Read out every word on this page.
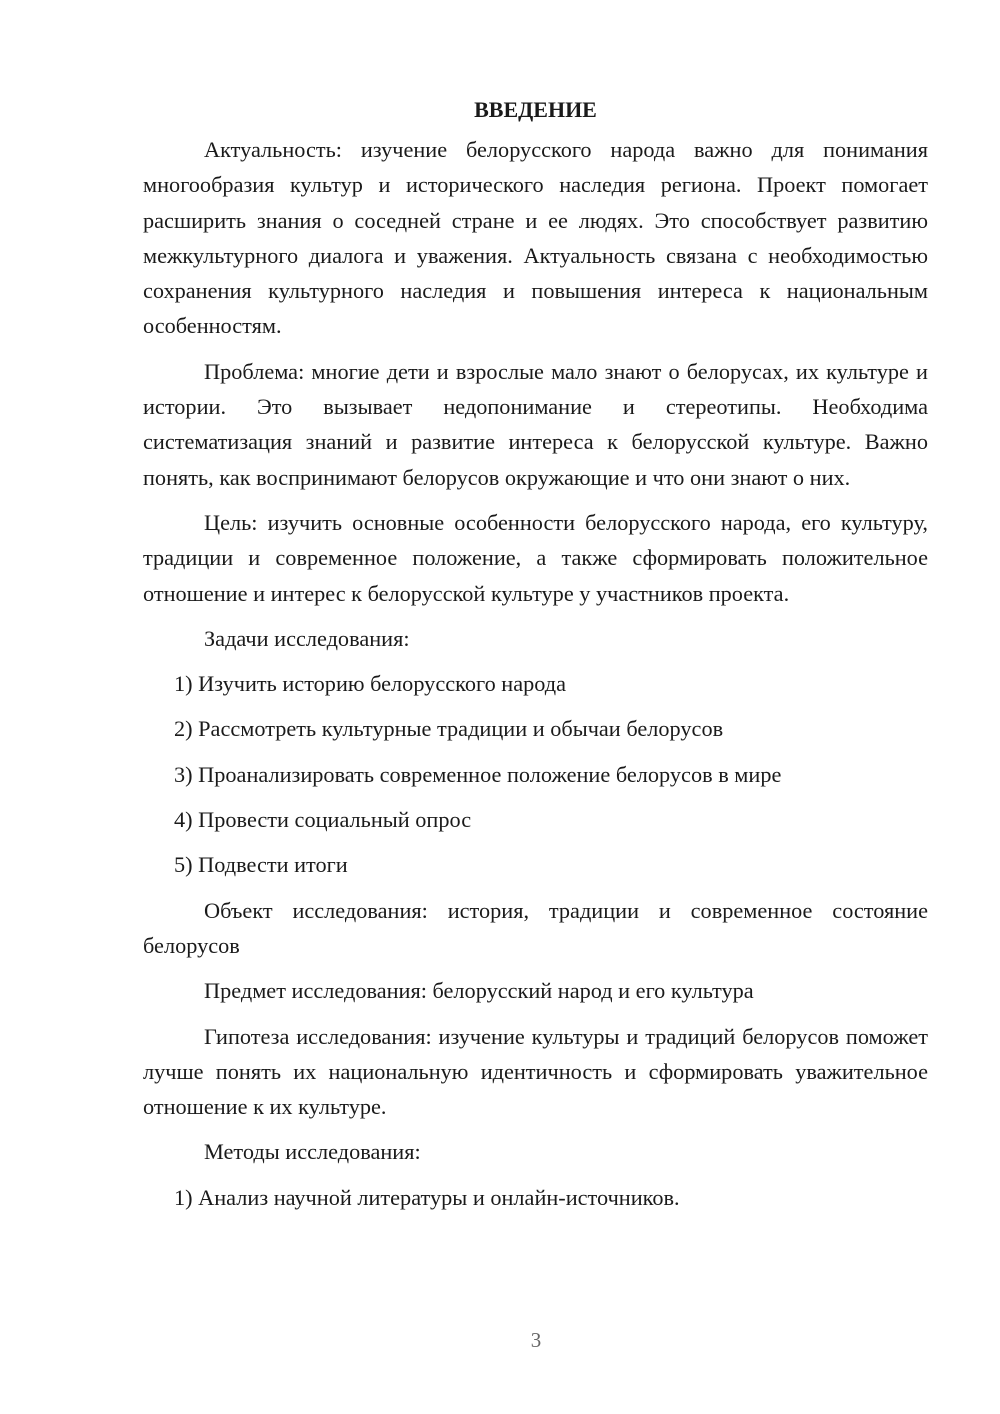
ВВЕДЕНИЕ

Актуальность: изучение белорусского народа важно для понимания многообразия культур и исторического наследия региона. Проект помогает расширить знания о соседней стране и ее людях. Это способствует развитию межкультурного диалога и уважения. Актуальность связана с необходимостью сохранения культурного наследия и повышения интереса к национальным особенностям.

Проблема: многие дети и взрослые мало знают о белорусах, их культуре и истории. Это вызывает недопонимание и стереотипы. Необходима систематизация знаний и развитие интереса к белорусской культуре. Важно понять, как воспринимают белорусов окружающие и что они знают о них.

Цель: изучить основные особенности белорусского народа, его культуру, традиции и современное положение, а также сформировать положительное отношение и интерес к белорусской культуре у участников проекта.

Задачи исследования:

1) Изучить историю белорусского народа
2) Рассмотреть культурные традиции и обычаи белорусов
3) Проанализировать современное положение белорусов в мире
4) Провести социальный опрос
5) Подвести итоги

Объект исследования: история, традиции и современное состояние белорусов

Предмет исследования: белорусский народ и его культура

Гипотеза исследования: изучение культуры и традиций белорусов поможет лучше понять их национальную идентичность и сформировать уважительное отношение к их культуре.

Методы исследования:

1) Анализ научной литературы и онлайн-источников.
3
